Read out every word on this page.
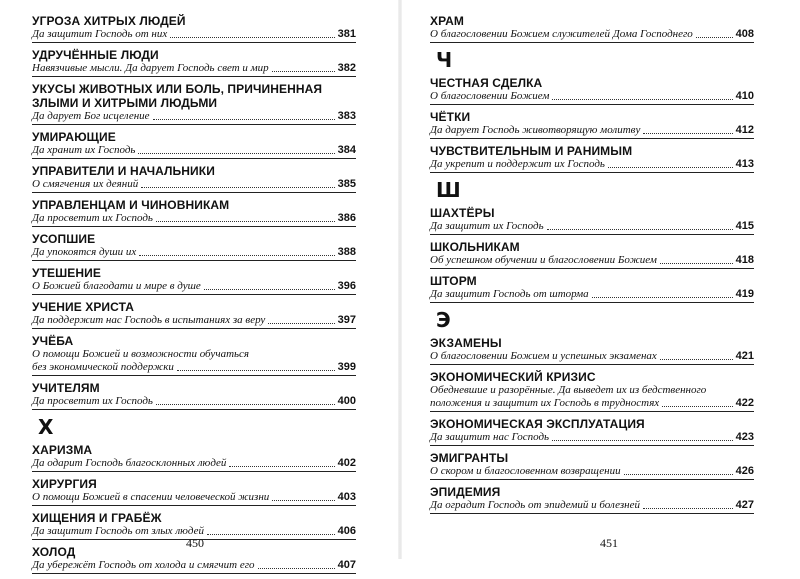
УГРОЗА ХИТРЫХ ЛЮДЕЙ
Да защитит Господь от них	381
УДРУЧЁННЫЕ ЛЮДИ
Навязчивые мысли. Да дарует Господь свет и мир	382
УКУСЫ ЖИВОТНЫХ ИЛИ БОЛЬ, ПРИЧИНЕННАЯ ЗЛЫМИ И ХИТРЫМИ ЛЮДЬМИ
Да дарует Бог исцеление	383
УМИРАЮЩИЕ
Да хранит их Господь	384
УПРАВИТЕЛИ И НАЧАЛЬНИКИ
О смягчения их деяний	385
УПРАВЛЕНЦАМ И ЧИНОВНИКАМ
Да просветит их Господь	386
УСОПШИЕ
Да упокоятся души их	388
УТЕШЕНИЕ
О Божией благодати и мире в душе	396
УЧЕНИЕ ХРИСТА
Да поддержит нас Господь в испытаниях за веру	397
УЧЁБА
О помощи Божией и возможности обучаться
без экономической поддержки	399
УЧИТЕЛЯМ
Да просветит их Господь	400
Х
ХАРИЗМА
Да одарит Господь благосклонных людей	402
ХИРУРГИЯ
О помощи Божией в спасении человеческой жизни	403
ХИЩЕНИЯ И ГРАБЁЖ
Да защитит Господь от злых людей	406
ХОЛОД
Да убережёт Господь от холода и смягчит его	407
450
ХРАМ
О благословении Божием служителей Дома Господнего	408
Ч
ЧЕСТНАЯ СДЕЛКА
О благословении Божием	410
ЧЁТКИ
Да дарует Господь животворящую молитву	412
ЧУВСТВИТЕЛЬНЫМ И РАНИМЫМ
Да укрепит и поддержит их Господь	413
Ш
ШАХТЁРЫ
Да защитит их Господь	415
ШКОЛЬНИКАМ
Об успешном обучении и благословении Божием	418
ШТОРМ
Да защитит Господь от шторма	419
Э
ЭКЗАМЕНЫ
О благословении Божием и успешных экзаменах	421
ЭКОНОМИЧЕСКИЙ КРИЗИС
Обедневшие и разорённые. Да выведет их из бедственного
положения и защитит их Господь в трудностях	422
ЭКОНОМИЧЕСКАЯ ЭКСПЛУАТАЦИЯ
Да защитит нас Господь	423
ЭМИГРАНТЫ
О скором и благословенном возвращении	426
ЭПИДЕМИЯ
Да оградит Господь от эпидемий и болезней	427
451
